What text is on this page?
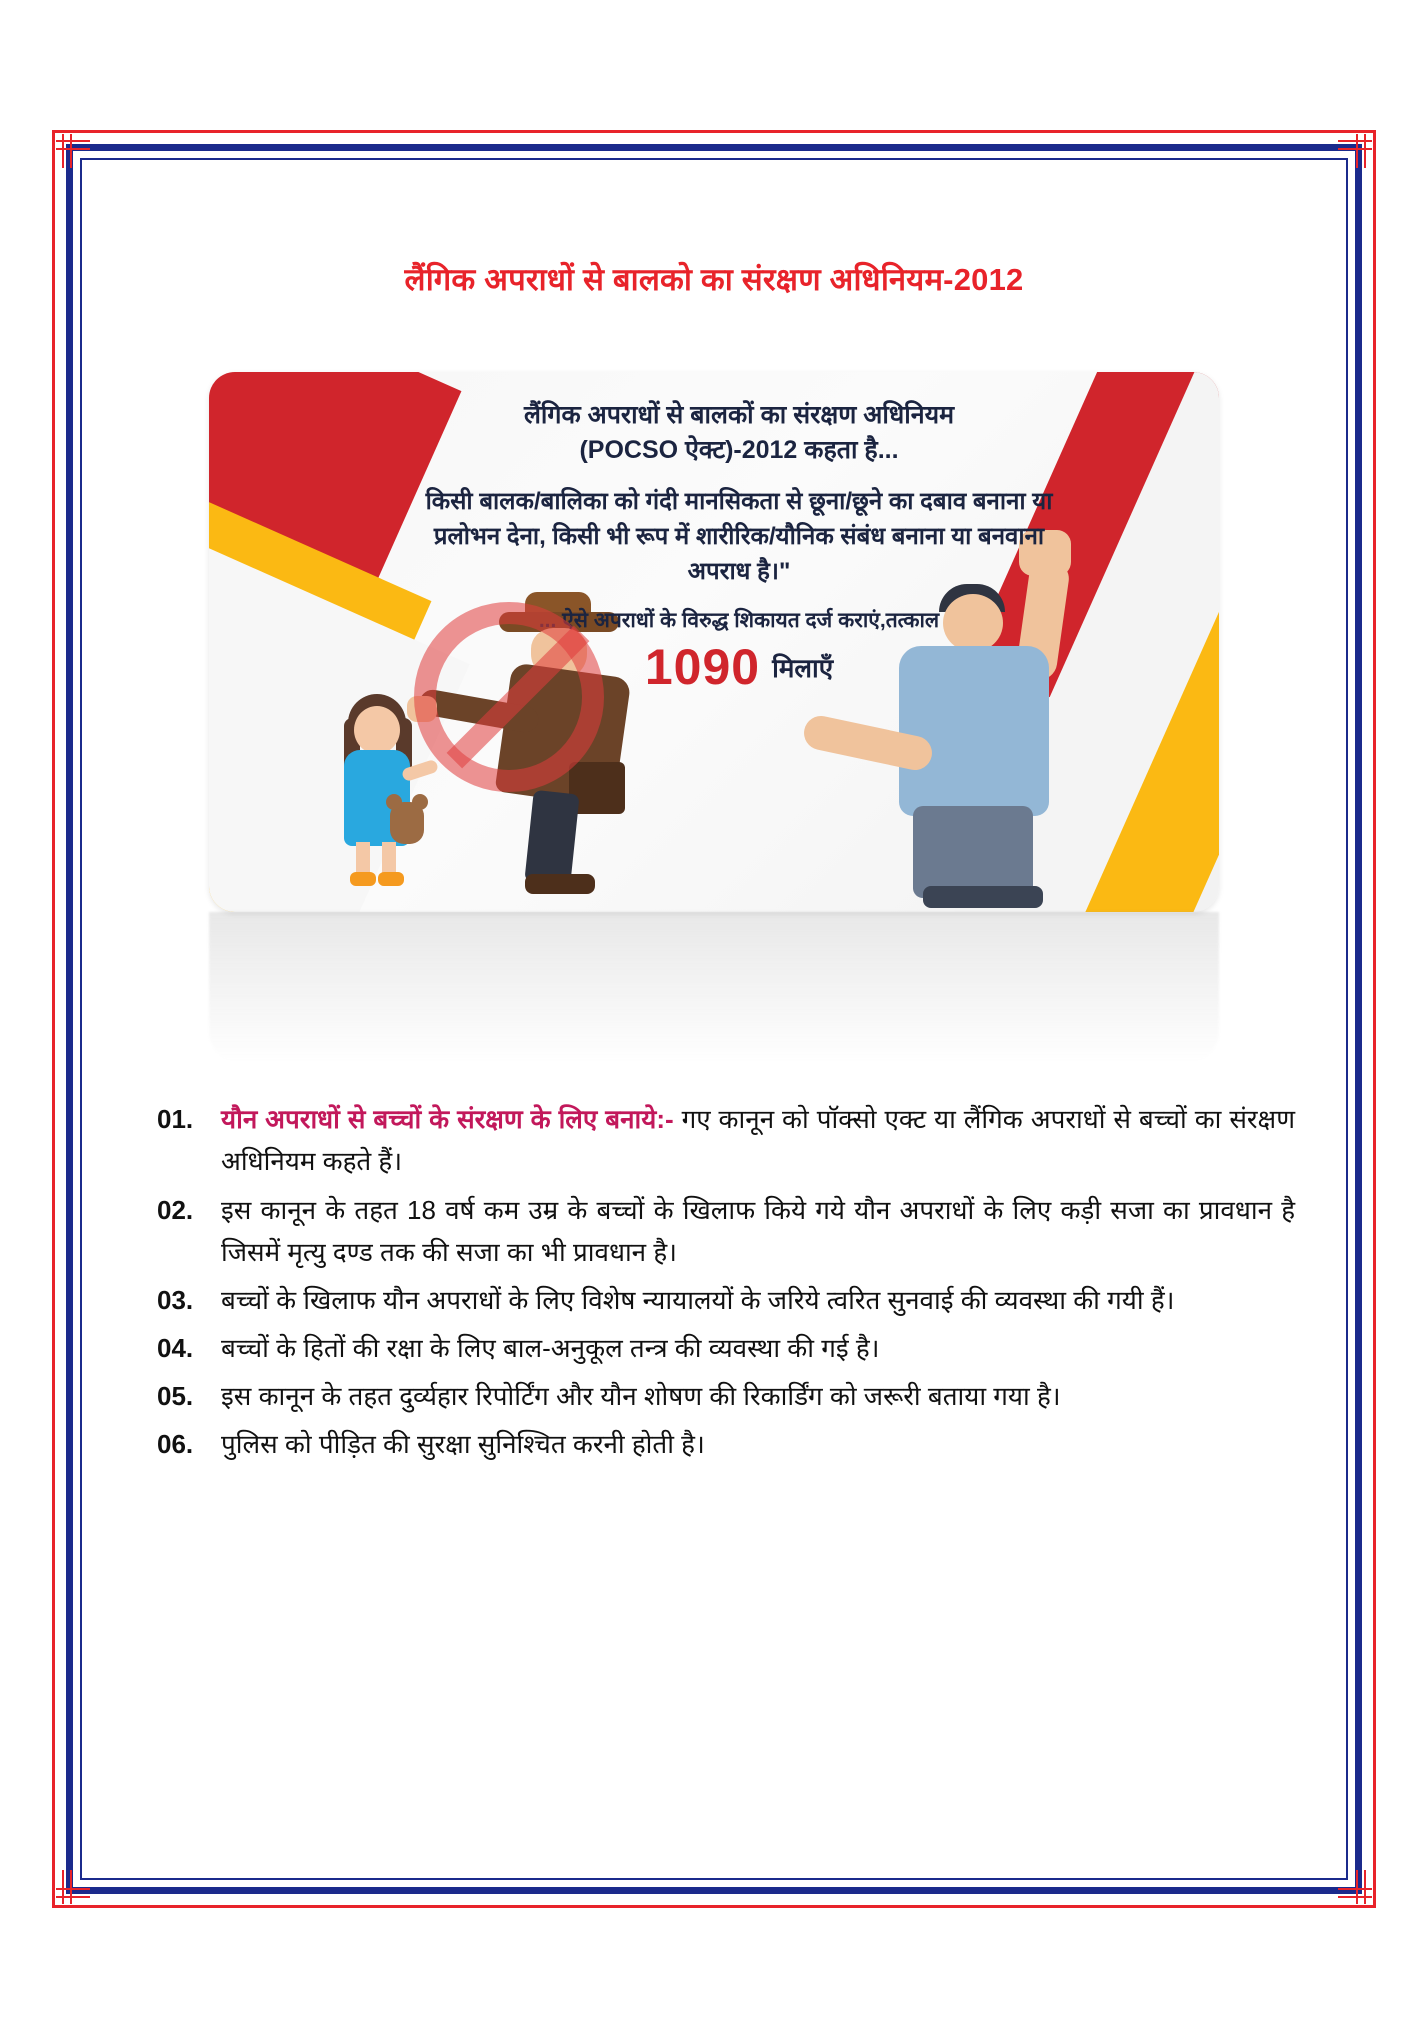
लैंगिक अपराधों से बालको का संरक्षण अधिनियम-2012
लैंगिक अपराधों से बालकों का संरक्षण अधिनियम
(POCSO ऐक्ट)-2012 कहता है...
किसी बालक/बालिका को गंदी मानसिकता से छूना/छूने का दबाव बनाना या प्रलोभन देना, किसी भी रूप में शारीरिक/यौनिक संबंध बनाना या बनवाना अपराध है।"
... ऐसे अपराधों के विरुद्ध शिकायत दर्ज कराएं,तत्काल
1090 मिलाएँ
01.	यौन अपराधों से बच्चों के संरक्षण के लिए बनाये:- गए कानून को पॉक्सो एक्ट या लैंगिक अपराधों से बच्चों का संरक्षण अधिनियम कहते हैं।
02.	इस कानून के तहत 18 वर्ष कम उम्र के बच्चों के खिलाफ किये गये यौन अपराधों के लिए कड़ी सजा का प्रावधान है जिसमें मृत्यु दण्ड तक की सजा का भी प्रावधान है।
03.	बच्चों के खिलाफ यौन अपराधों के लिए विशेष न्यायालयों के जरिये त्वरित सुनवाई की व्यवस्था की गयी हैं।
04.	बच्चों के हितों की रक्षा के लिए बाल-अनुकूल तन्त्र की व्यवस्था की गई है।
05.	इस कानून के तहत दुर्व्यहार रिपोर्टिंग और यौन शोषण की रिकार्डिंग को जरूरी बताया गया है।
06.	पुलिस को पीड़ित की सुरक्षा सुनिश्चित करनी होती है।
